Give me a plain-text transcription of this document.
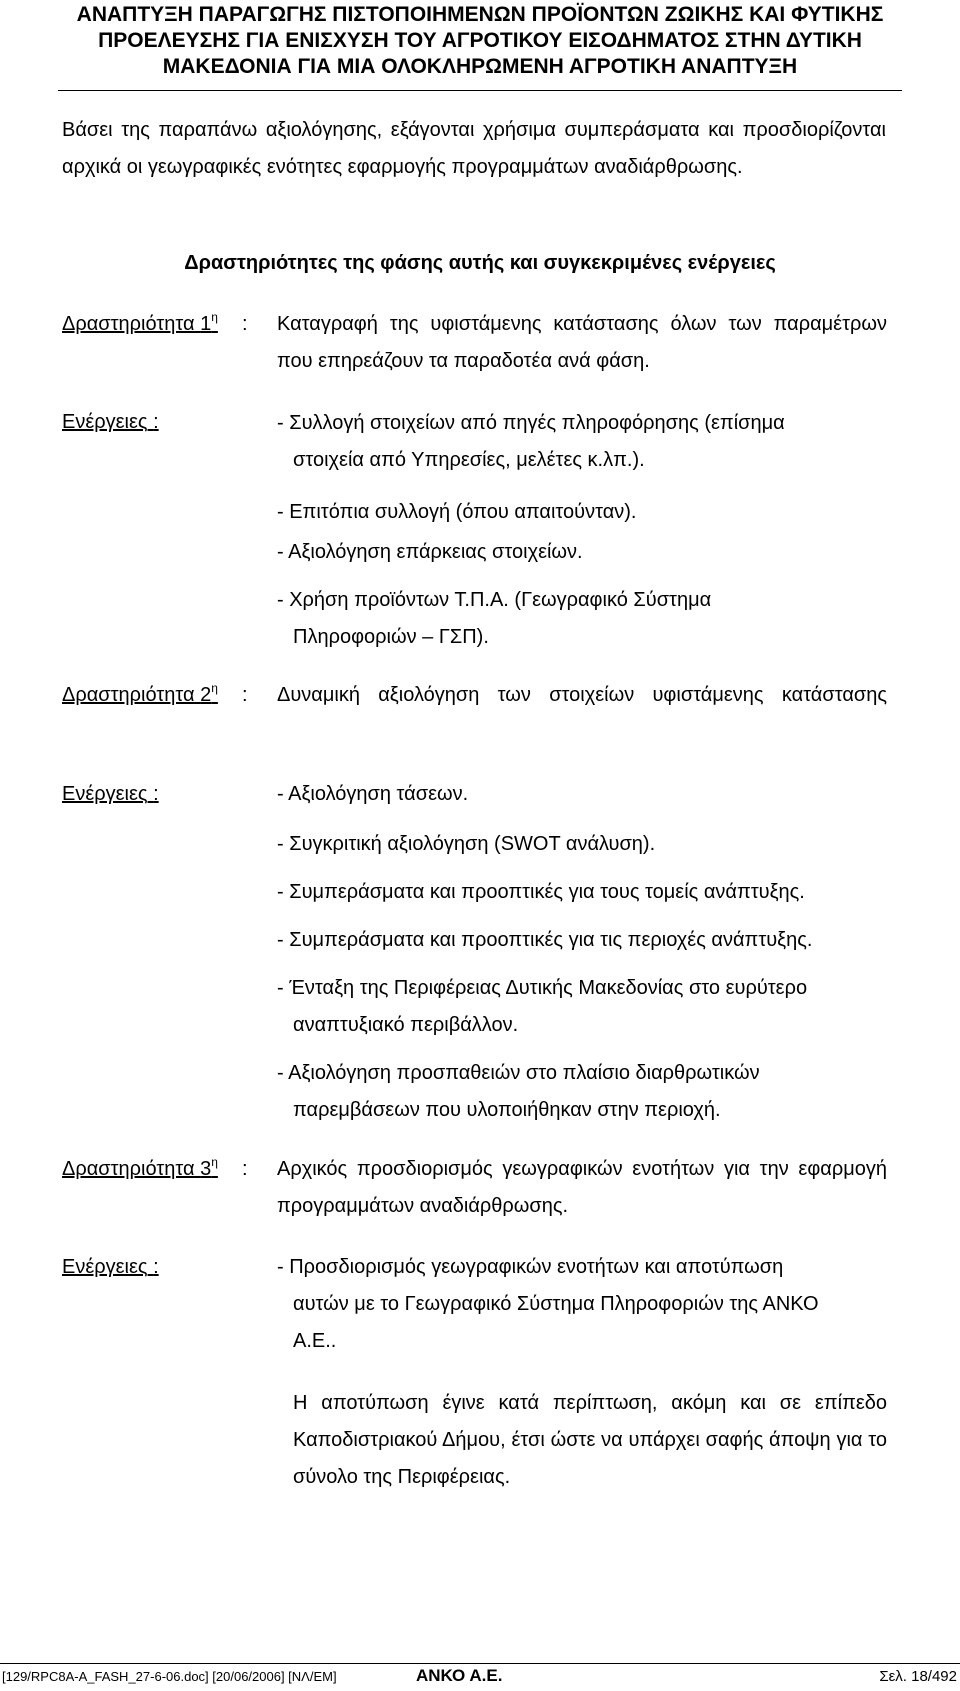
ΑΝΑΠΤΥΞΗ ΠΑΡΑΓΩΓΗΣ ΠΙΣΤΟΠΟΙΗΜΕΝΩΝ ΠΡΟΪΟΝΤΩΝ ΖΩΙΚΗΣ ΚΑΙ ΦΥΤΙΚΗΣ
ΠΡΟΕΛΕΥΣΗΣ ΓΙΑ ΕΝΙΣΧΥΣΗ ΤΟΥ ΑΓΡΟΤΙΚΟΥ ΕΙΣΟΔΗΜΑΤΟΣ ΣΤΗΝ ΔΥΤΙΚΗ
ΜΑΚΕΔΟΝΙΑ ΓΙΑ ΜΙΑ ΟΛΟΚΛΗΡΩΜΕΝΗ ΑΓΡΟΤΙΚΗ ΑΝΑΠΤΥΞΗ

Βάσει της παραπάνω αξιολόγησης, εξάγονται χρήσιμα συμπεράσματα και προσδιορίζονται αρχικά οι γεωγραφικές ενότητες εφαρμογής προγραμμάτων αναδιάρθρωσης.

Δραστηριότητες της φάσης αυτής και συγκεκριμένες ενέργειες
Δραστηριότητα $1^\eta$ : Καταγραφή της υφιστάμενης κατάστασης όλων των παραμέτρων που επηρεάζουν τα παραδοτέα ανά φάση.

Ενέργειες :	- Συλλογή στοιχείων από πηγές πληροφόρησης (επίσημα
στοιχεία από Υπηρεσίες, μελέτες κ.λπ.).

- Επιτόπια συλλογή (όπου απαιτούνταν).

- Αξιολόγηση επάρκειας στοιχείων.

- Χρήση προϊόντων Τ.Π.Α. (Γεωγραφικό Σύστημα
Πληροφοριών – ΓΣΠ).

Δραστηριότητα $2^\eta$ : Δυναμική αξιολόγηση των στοιχείων υφιστάμενης κατάστασης

Ενέργειες :	- Αξιολόγηση τάσεων.

- Συγκριτική αξιολόγηση (SWOT ανάλυση).

- Συμπεράσματα και προοπτικές για τους τομείς ανάπτυξης.

- Συμπεράσματα και προοπτικές για τις περιοχές ανάπτυξης.

- Ένταξη της Περιφέρειας Δυτικής Μακεδονίας στο ευρύτερο
αναπτυξιακό περιβάλλον.

- Αξιολόγηση προσπαθειών στο πλαίσιο διαρθρωτικών
παρεμβάσεων που υλοποιήθηκαν στην περιοχή.

Δραστηριότητα $3^\eta$ : Αρχικός προσδιορισμός γεωγραφικών ενοτήτων για την εφαρμογή προγραμμάτων αναδιάρθρωσης.

Ενέργειες :	- Προσδιορισμός γεωγραφικών ενοτήτων και αποτύπωση
αυτών με το Γεωγραφικό Σύστημα Πληροφοριών της ΑΝΚΟ
Α.Ε..

Η αποτύπωση έγινε κατά περίπτωση, ακόμη και σε επίπεδο Καποδιστριακού Δήμου, έτσι ώστε να υπάρχει σαφής άποψη για το σύνολο της Περιφέρειας.

[129/RPC8A-A_FASH_27-6-06.doc] [20/06/2006] [ΝΛ/ΕΜ]	ΑΝΚΟ Α.Ε.	Σελ. 18/492
